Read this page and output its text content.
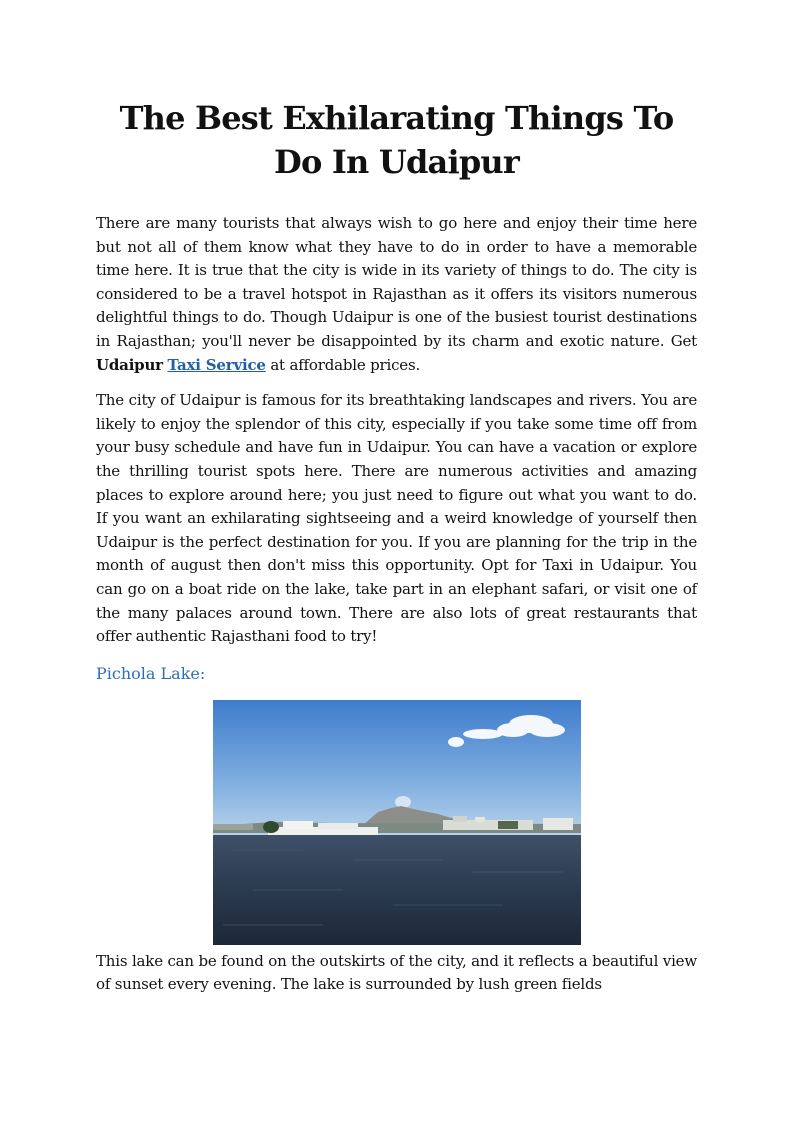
The Best Exhilarating Things To Do In Udaipur

There are many tourists that always wish to go here and enjoy their time here but not all of them know what they have to do in order to have a memorable time here. It is true that the city is wide in its variety of things to do. The city is considered to be a travel hotspot in Rajasthan as it offers its visitors numerous delightful things to do. Though Udaipur is one of the busiest tourist destinations in Rajasthan; you'll never be disappointed by its charm and exotic nature. Get Udaipur Taxi Service at affordable prices.

The city of Udaipur is famous for its breathtaking landscapes and rivers. You are likely to enjoy the splendor of this city, especially if you take some time off from your busy schedule and have fun in Udaipur. You can have a vacation or explore the thrilling tourist spots here. There are numerous activities and amazing places to explore around here; you just need to figure out what you want to do. If you want an exhilarating sightseeing and a weird knowledge of yourself then Udaipur is the perfect destination for you. If you are planning for the trip in the month of august then don't miss this opportunity. Opt for Taxi in Udaipur. You can go on a boat ride on the lake, take part in an elephant safari, or visit one of the many palaces around town. There are also lots of great restaurants that offer authentic Rajasthani food to try!

Pichola Lake:

This lake can be found on the outskirts of the city, and it reflects a beautiful view of sunset every evening. The lake is surrounded by lush green fields
